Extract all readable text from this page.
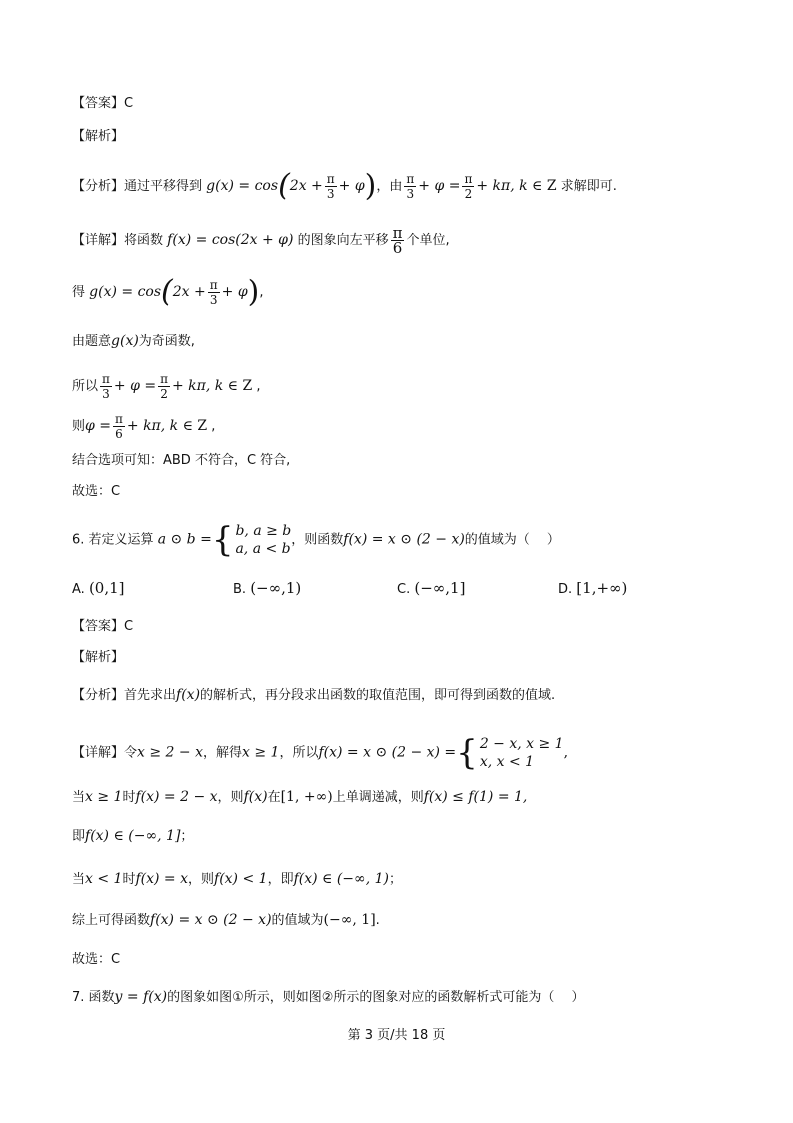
【答案】C
【解析】
【分析】通过平移得到 $g(x) = \cos(2x + \frac{\pi}{3} + \varphi)$，由 $\frac{\pi}{3} + \varphi = \frac{\pi}{2} + k\pi$, k ∈ Z 求解即可.
【详解】将函数 f(x) = cos(2x + φ) 的图象向左平移 $\frac{\pi}{6}$ 个单位,
得 $g(x) = \cos(2x + \frac{\pi}{3} + \varphi)$,
由题意g(x)为奇函数,
所以 $\frac{\pi}{3} + \varphi = \frac{\pi}{2} + k\pi$, k ∈ Z ,
则$\varphi = \frac{\pi}{6} + k\pi$, k ∈ Z ,
结合选项可知：ABD 不符合，C 符合,
故选：C
6. 若定义运算 a ⊙ b ={ b, a ≥ b
a, a < b
，则函数f(x) = x ⊙ (2 − x)的值域为（　 ）
A. (0,1]	B. (−∞,1)	C. (−∞,1]	D. [1,+∞)
【答案】C
【解析】
【分析】首先求出f(x)的解析式，再分段求出函数的取值范围，即可得到函数的值域.
【详解】令x ≥ 2 − x，解得x ≥ 1，所以f(x) = x ⊙ (2 − x) ={ 2 − x, x ≥ 1
x, x < 1
,
当x ≥ 1时f(x) = 2 − x，则f(x)在[1, +∞)上单调递减，则f(x) ≤ f(1) = 1,
即f(x) ∈ (−∞, 1]；
当x < 1时f(x) = x，则f(x) < 1，即f(x) ∈ (−∞, 1)；
综上可得函数f(x) = x ⊙ (2 − x)的值域为(−∞, 1].
故选：C
7. 函数y = f(x)的图象如图①所示，则如图②所示的图象对应的函数解析式可能为（　 ）
第 3 页/共 18 页
